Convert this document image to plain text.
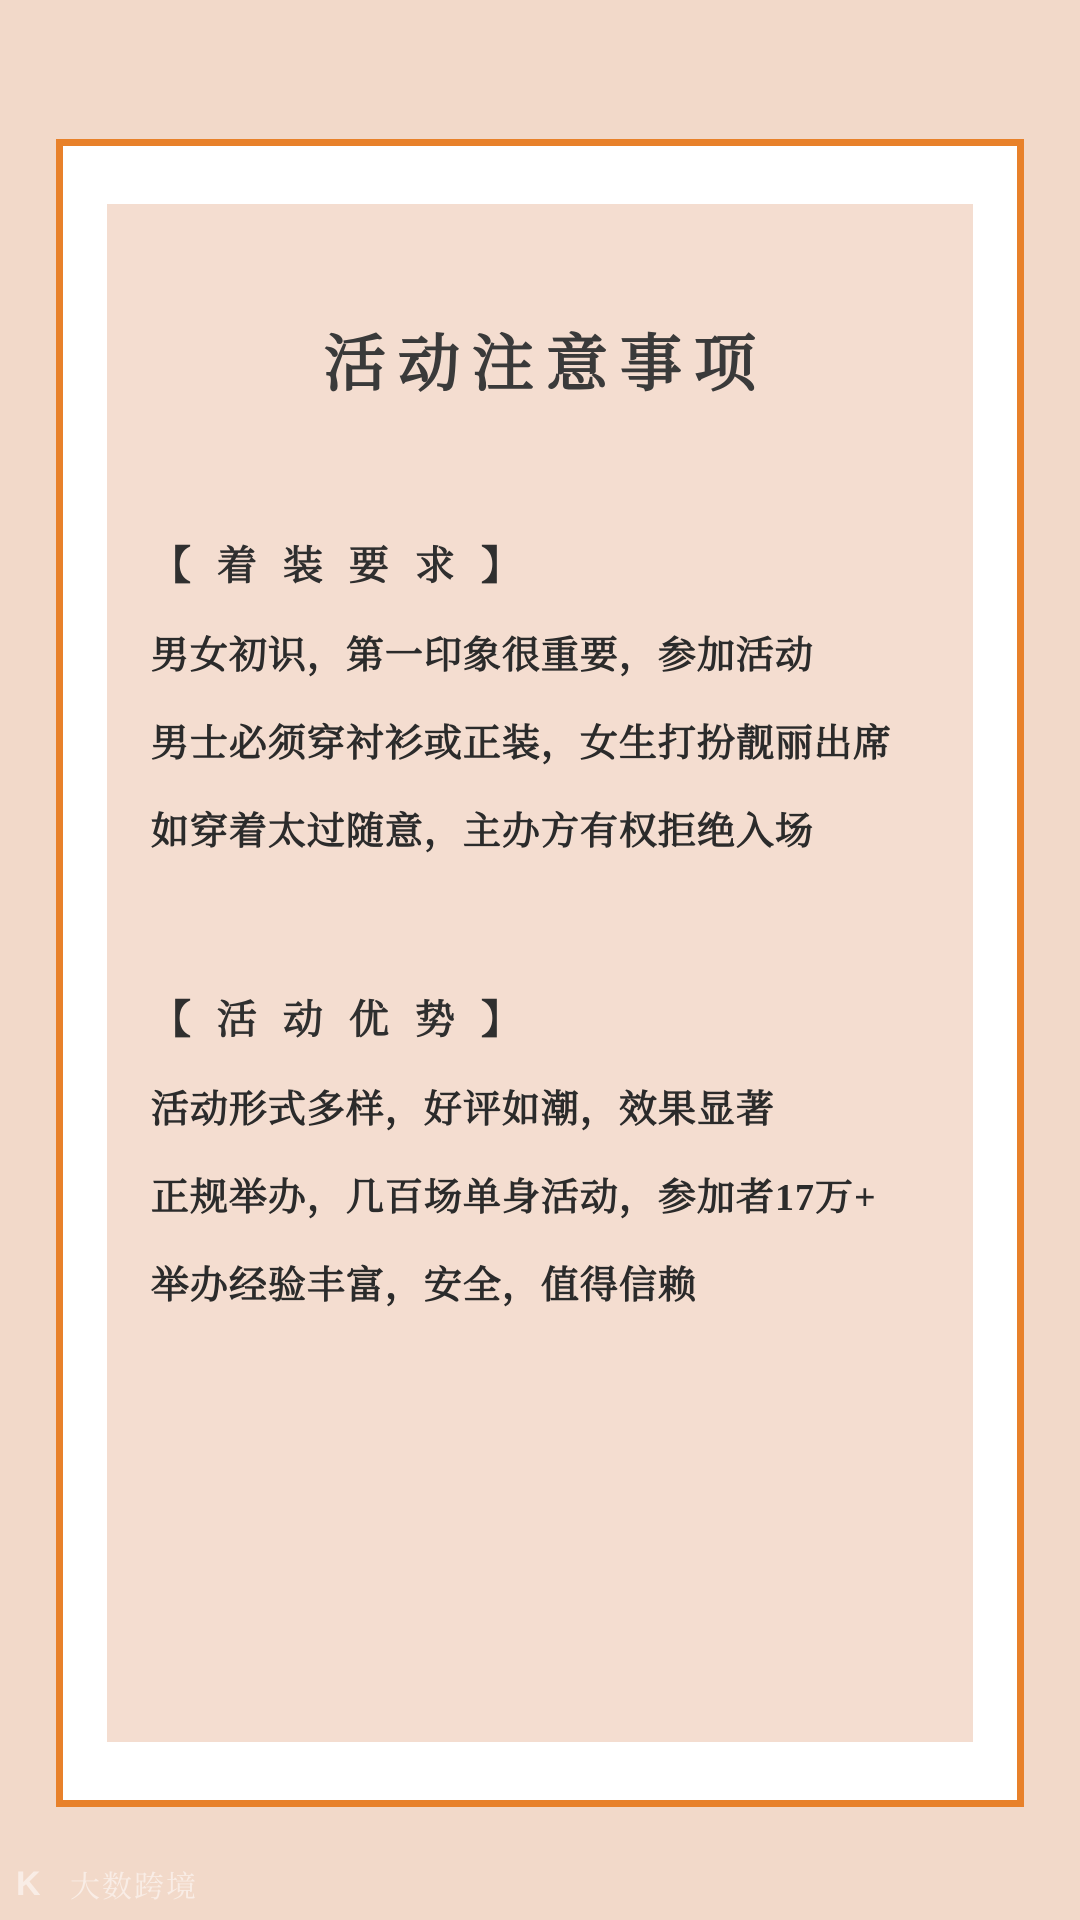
活动注意事项
【 着 装 要 求 】
男女初识，第一印象很重要，参加活动
男士必须穿衬衫或正装，女生打扮靓丽出席
如穿着太过随意，主办方有权拒绝入场
【 活 动 优 势 】
活动形式多样，好评如潮，效果显著
正规举办，几百场单身活动，参加者17万+
举办经验丰富，安全，值得信赖
K 大数跨境
